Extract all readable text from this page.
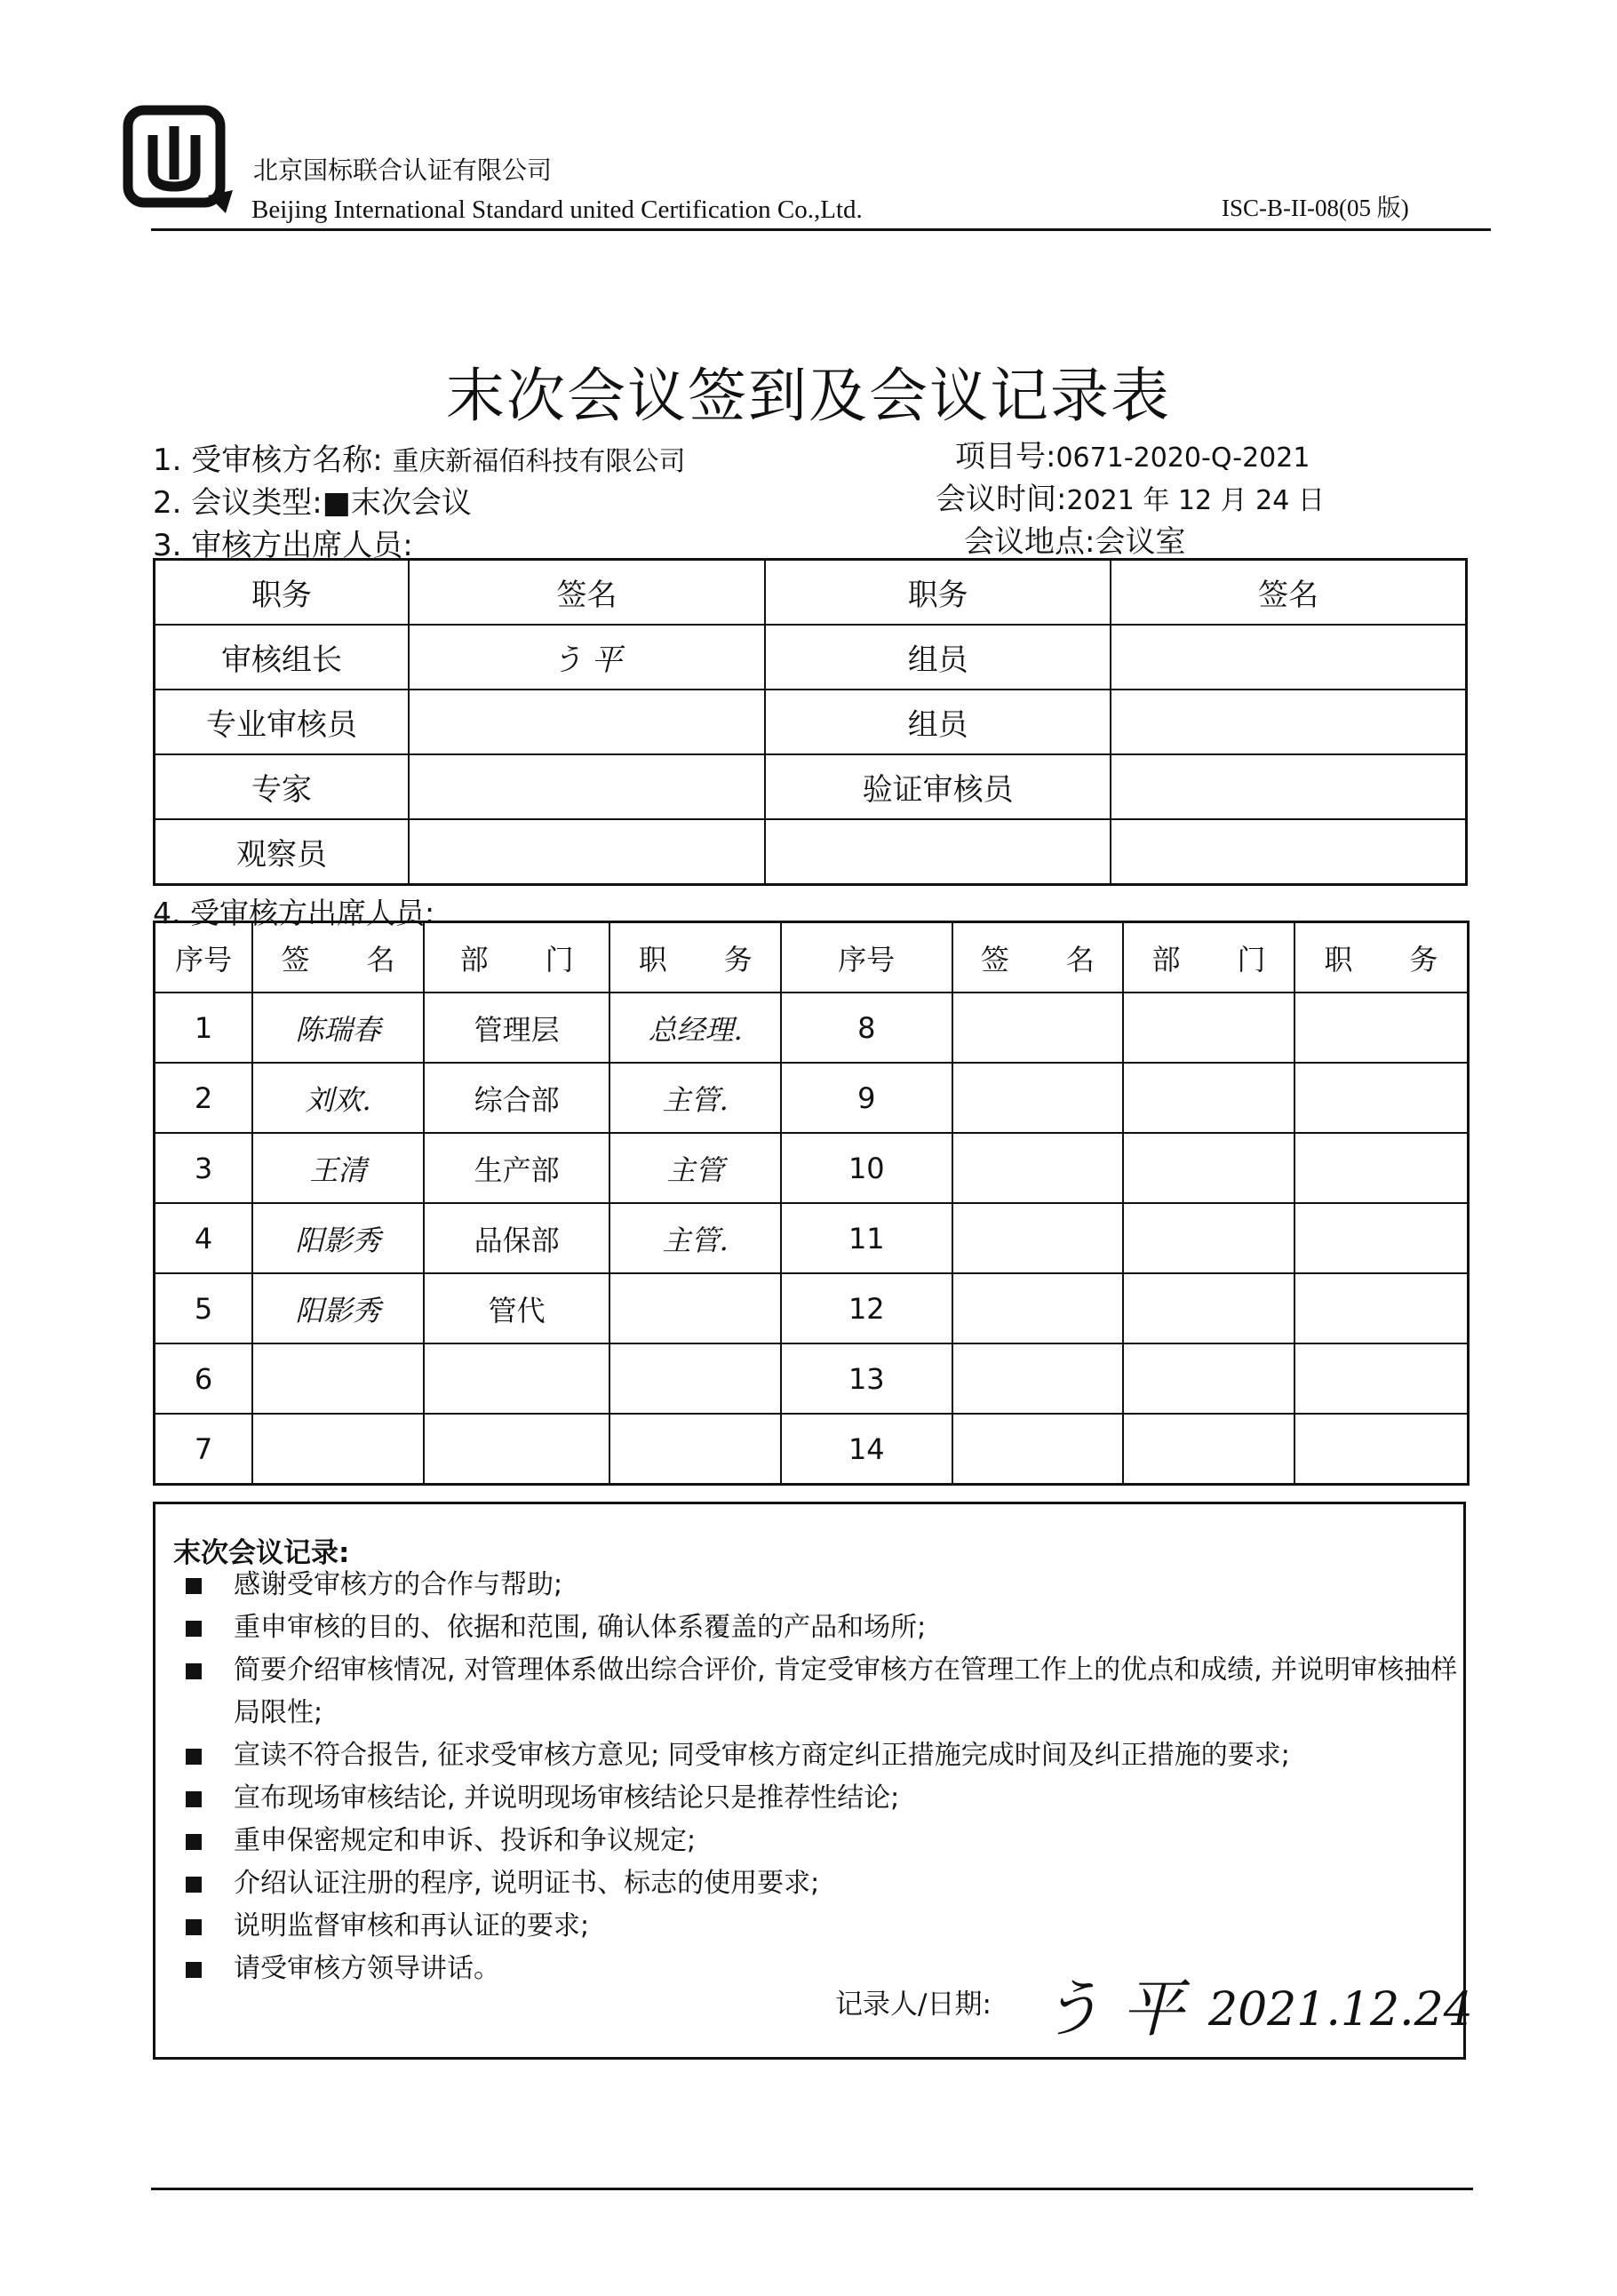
北京国标联合认证有限公司
Beijing International Standard united Certification Co.,Ltd.	ISC-B-II-08(05 版)
末次会议签到及会议记录表
1. 受审核方名称: 重庆新福佰科技有限公司	项目号:0671-2020-Q-2021
2. 会议类型:■末次会议	会议时间:2021 年 12 月 24 日
3. 审核方出席人员:	会议地点:会议室
职务	签名	职务	签名
审核组长	う 平	组员	
专业审核员		组员	
专家		验证审核员	
观察员			
4. 受审核方出席人员:
序号	签　　名	部　　门	职　　务	序号	签　　名	部　　门	职　　务
1	陈瑞春	管理层	总经理.	8			
2	刘欢.	综合部	主管.	9			
3	王清	生产部	主管	10			
4	阳影秀	品保部	主管.	11			
5	阳影秀	管代		12			
6				13			
7				14			
末次会议记录:
感谢受审核方的合作与帮助;
重申审核的目的、依据和范围, 确认体系覆盖的产品和场所;
简要介绍审核情况, 对管理体系做出综合评价, 肯定受审核方在管理工作上的优点和成绩, 并说明审核抽样局限性;
宣读不符合报告, 征求受审核方意见; 同受审核方商定纠正措施完成时间及纠正措施的要求;
宣布现场审核结论, 并说明现场审核结论只是推荐性结论;
重申保密规定和申诉、投诉和争议规定;
介绍认证注册的程序, 说明证书、标志的使用要求;
说明监督审核和再认证的要求;
请受审核方领导讲话。
记录人/日期: う 平 2021.12.24
